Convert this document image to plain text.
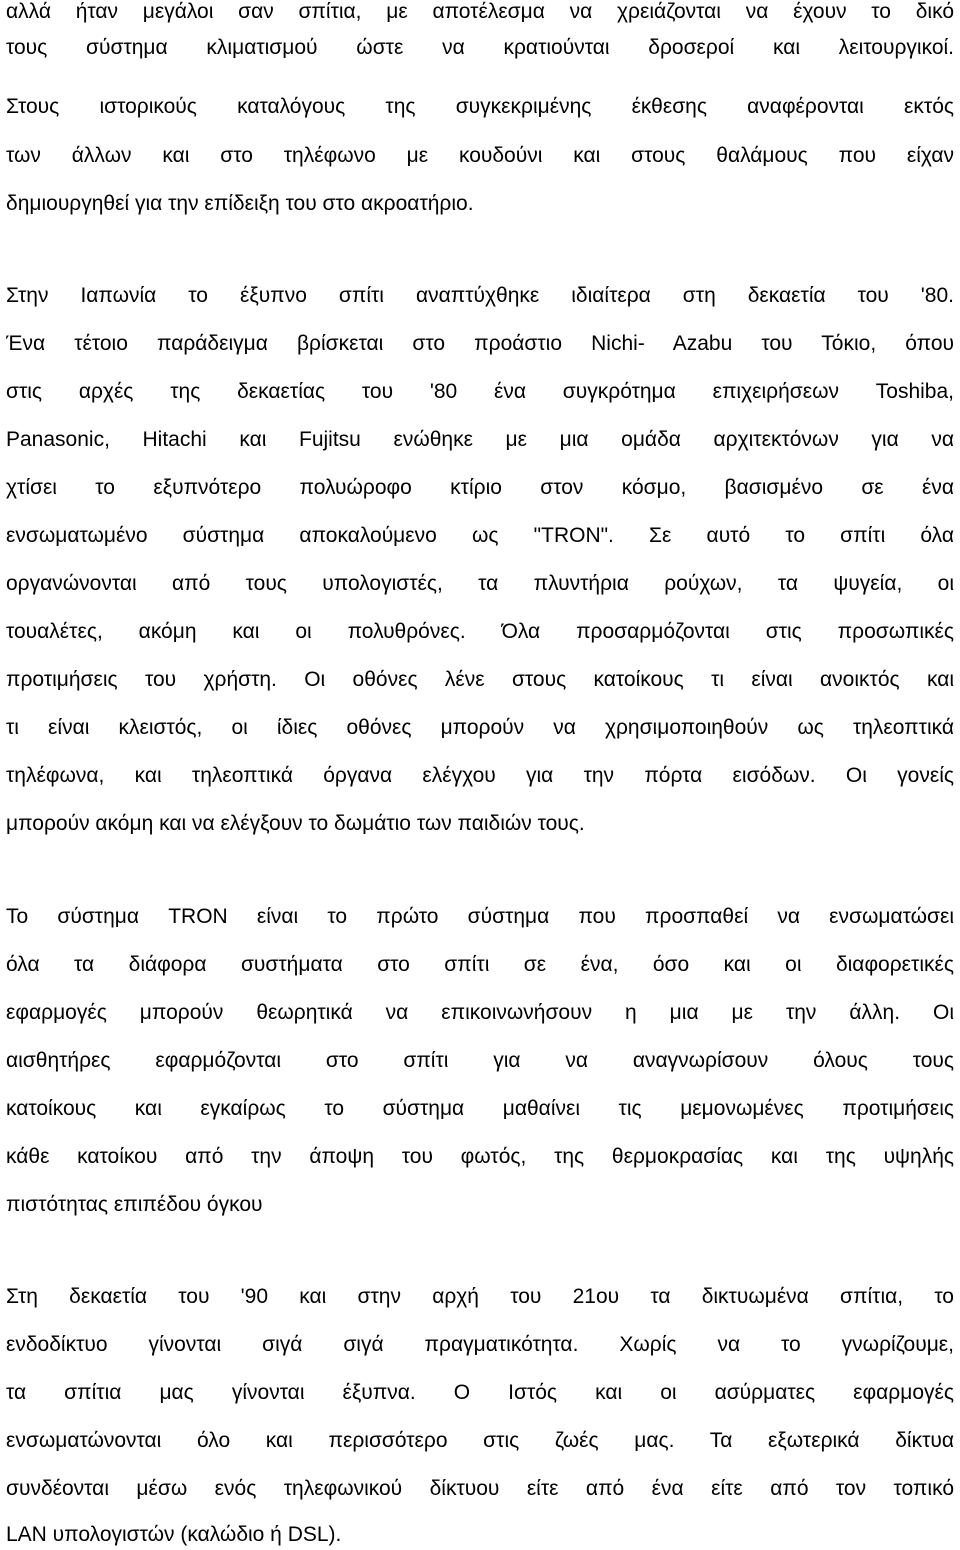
αλλά ήταν μεγάλοι σαν σπίτια, με αποτέλεσμα να χρειάζονται να έχουν το δικό
τους σύστημα κλιματισμού ώστε να κρατιούνται δροσεροί και λειτουργικοί.
Στους ιστορικούς καταλόγους της συγκεκριμένης έκθεσης αναφέρονται εκτός
των άλλων και στο τηλέφωνο με κουδούνι και στους θαλάμους που είχαν
δημιουργηθεί για την επίδειξη του στο ακροατήριο.
Στην Ιαπωνία το έξυπνο σπίτι αναπτύχθηκε ιδιαίτερα στη δεκαετία του '80.
Ένα τέτοιο παράδειγμα βρίσκεται στο προάστιο Nichi- Azabu του Τόκιο, όπου
στις αρχές της δεκαετίας του '80 ένα συγκρότημα επιχειρήσεων Toshiba,
Panasonic, Hitachi και Fujitsu ενώθηκε με μια ομάδα αρχιτεκτόνων για να
χτίσει το εξυπνότερο πολυώροφο κτίριο στον κόσμο, βασισμένο σε ένα
ενσωματωμένο σύστημα αποκαλούμενο ως "TRON". Σε αυτό το σπίτι όλα
οργανώνονται από τους υπολογιστές, τα πλυντήρια ρούχων, τα ψυγεία, οι
τουαλέτες, ακόμη και οι πολυθρόνες. Όλα προσαρμόζονται στις προσωπικές
προτιμήσεις του χρήστη. Οι οθόνες λένε στους κατοίκους τι είναι ανοικτός και
τι είναι κλειστός, οι ίδιες οθόνες μπορούν να χρησιμοποιηθούν ως τηλεοπτικά
τηλέφωνα, και τηλεοπτικά όργανα ελέγχου για την πόρτα εισόδων. Οι γονείς
μπορούν ακόμη και να ελέγξουν το δωμάτιο των παιδιών τους.
Το σύστημα TRON είναι το πρώτο σύστημα που προσπαθεί να ενσωματώσει
όλα τα διάφορα συστήματα στο σπίτι σε ένα, όσο και οι διαφορετικές
εφαρμογές μπορούν θεωρητικά να επικοινωνήσουν η μια με την άλλη. Οι
αισθητήρες εφαρμόζονται στο σπίτι για να αναγνωρίσουν όλους τους
κατοίκους και εγκαίρως το σύστημα μαθαίνει τις μεμονωμένες προτιμήσεις
κάθε κατοίκου από την άποψη του φωτός, της θερμοκρασίας και της υψηλής
πιστότητας επιπέδου όγκου
Στη δεκαετία του '90 και στην αρχή του 21ου τα δικτυωμένα σπίτια, το
ενδοδίκτυο γίνονται σιγά σιγά πραγματικότητα. Χωρίς να το γνωρίζουμε,
τα σπίτια μας γίνονται έξυπνα. Ο Ιστός και οι ασύρματες εφαρμογές
ενσωματώνονται όλο και περισσότερο στις ζωές μας. Τα εξωτερικά δίκτυα
συνδέονται μέσω ενός τηλεφωνικού δίκτυου είτε από ένα είτε από τον τοπικό
LAN υπολογιστών (καλώδιο ή DSL).
